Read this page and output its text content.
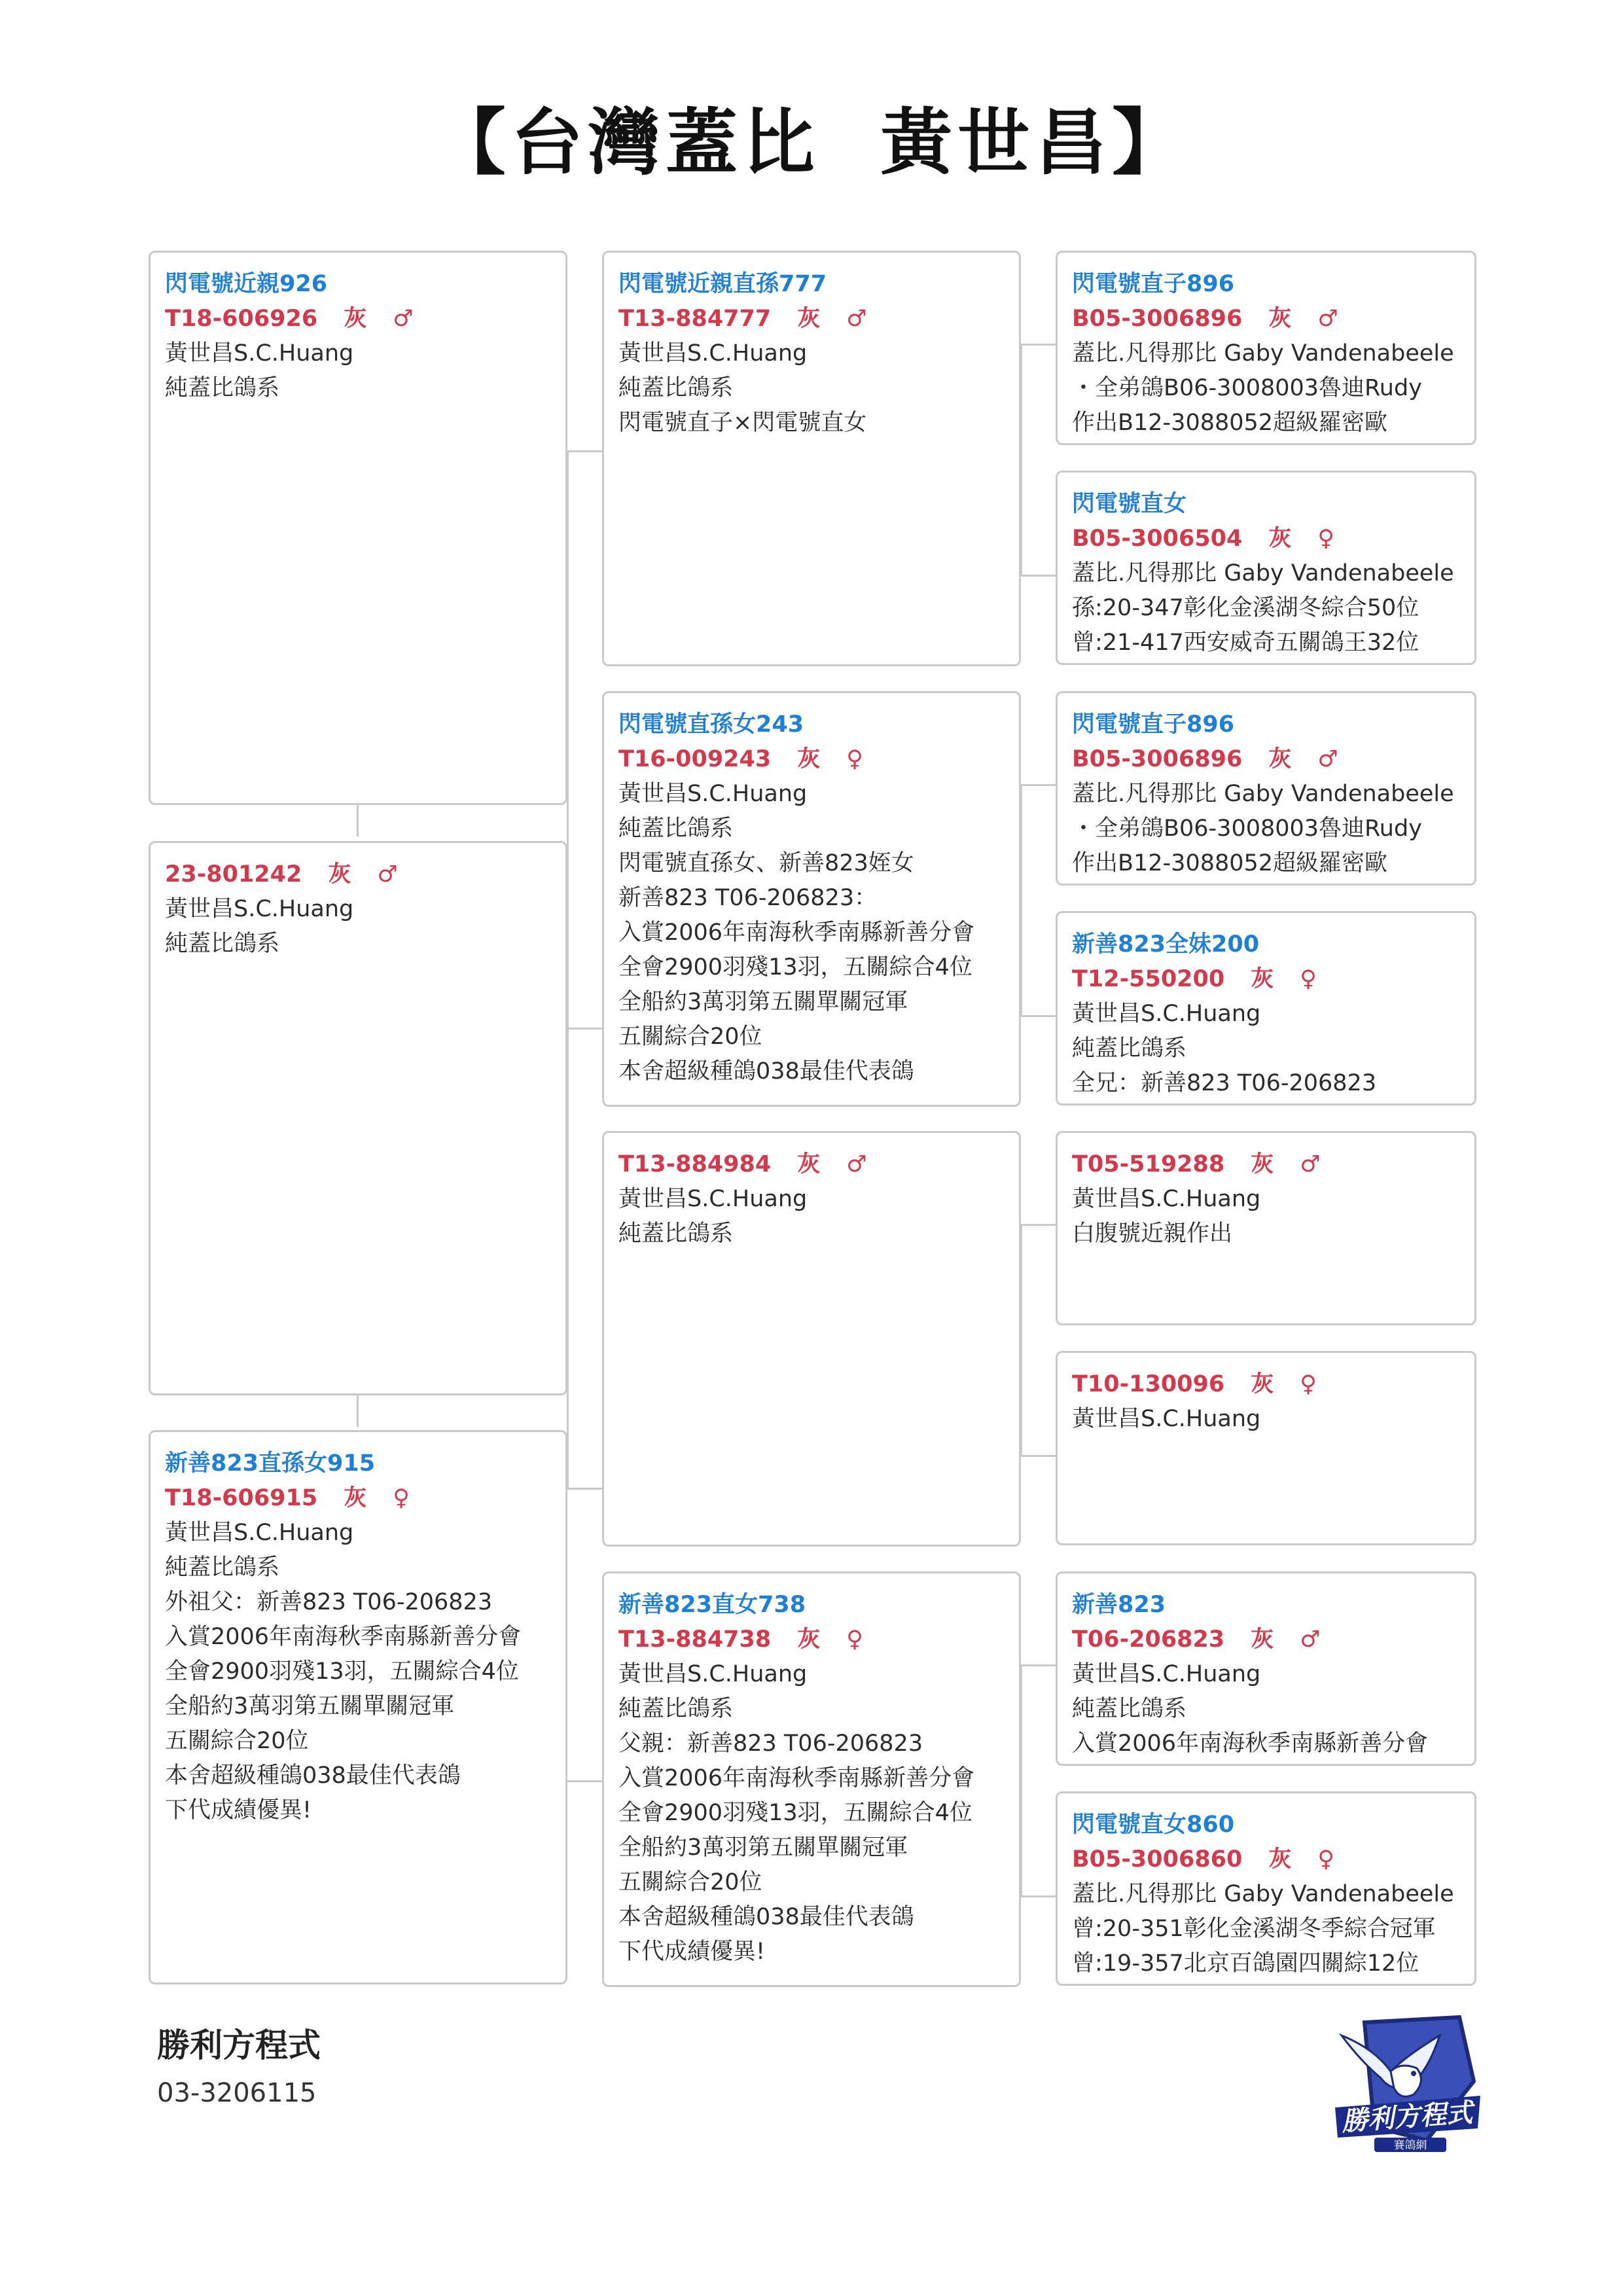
【台灣蓋比  黃世昌】
閃電號近親926
T18-606926 灰 ♂
黃世昌S.C.Huang
純蓋比鴿系
23-801242 灰 ♂
黃世昌S.C.Huang
純蓋比鴿系
新善823直孫女915
T18-606915 灰 ♀
黃世昌S.C.Huang
純蓋比鴿系
外祖父：新善823 T06-206823
入賞2006年南海秋季南縣新善分會
全會2900羽殘13羽，五關綜合4位
全船約3萬羽第五關單關冠軍
五關綜合20位
本舍超級種鴿038最佳代表鴿
下代成績優異!
閃電號近親直孫777
T13-884777 灰 ♂
黃世昌S.C.Huang
純蓋比鴿系
閃電號直子×閃電號直女
閃電號直孫女243
T16-009243 灰 ♀
黃世昌S.C.Huang
純蓋比鴿系
閃電號直孫女、新善823姪女
新善823 T06-206823：
入賞2006年南海秋季南縣新善分會
全會2900羽殘13羽，五關綜合4位
全船約3萬羽第五關單關冠軍
五關綜合20位
本舍超級種鴿038最佳代表鴿
T13-884984 灰 ♂
黃世昌S.C.Huang
純蓋比鴿系
新善823直女738
T13-884738 灰 ♀
黃世昌S.C.Huang
純蓋比鴿系
父親：新善823 T06-206823
入賞2006年南海秋季南縣新善分會
全會2900羽殘13羽，五關綜合4位
全船約3萬羽第五關單關冠軍
五關綜合20位
本舍超級種鴿038最佳代表鴿
下代成績優異!
閃電號直子896
B05-3006896 灰 ♂
蓋比.凡得那比 Gaby Vandenabeele
・全弟鴿B06-3008003魯迪Rudy
作出B12-3088052超級羅密歐
閃電號直女
B05-3006504 灰 ♀
蓋比.凡得那比 Gaby Vandenabeele
孫:20-347彰化金溪湖冬綜合50位
曾:21-417西安威奇五關鴿王32位
閃電號直子896
B05-3006896 灰 ♂
蓋比.凡得那比 Gaby Vandenabeele
・全弟鴿B06-3008003魯迪Rudy
作出B12-3088052超級羅密歐
新善823全妹200
T12-550200 灰 ♀
黃世昌S.C.Huang
純蓋比鴿系
全兄：新善823 T06-206823
T05-519288 灰 ♂
黃世昌S.C.Huang
白腹號近親作出
T10-130096 灰 ♀
黃世昌S.C.Huang
新善823
T06-206823 灰 ♂
黃世昌S.C.Huang
純蓋比鴿系
入賞2006年南海秋季南縣新善分會
閃電號直女860
B05-3006860 灰 ♀
蓋比.凡得那比 Gaby Vandenabeele
曾:20-351彰化金溪湖冬季綜合冠軍
曾:19-357北京百鴿園四關綜12位
勝利方程式
03-3206115
勝利方程式
賽鴿網
